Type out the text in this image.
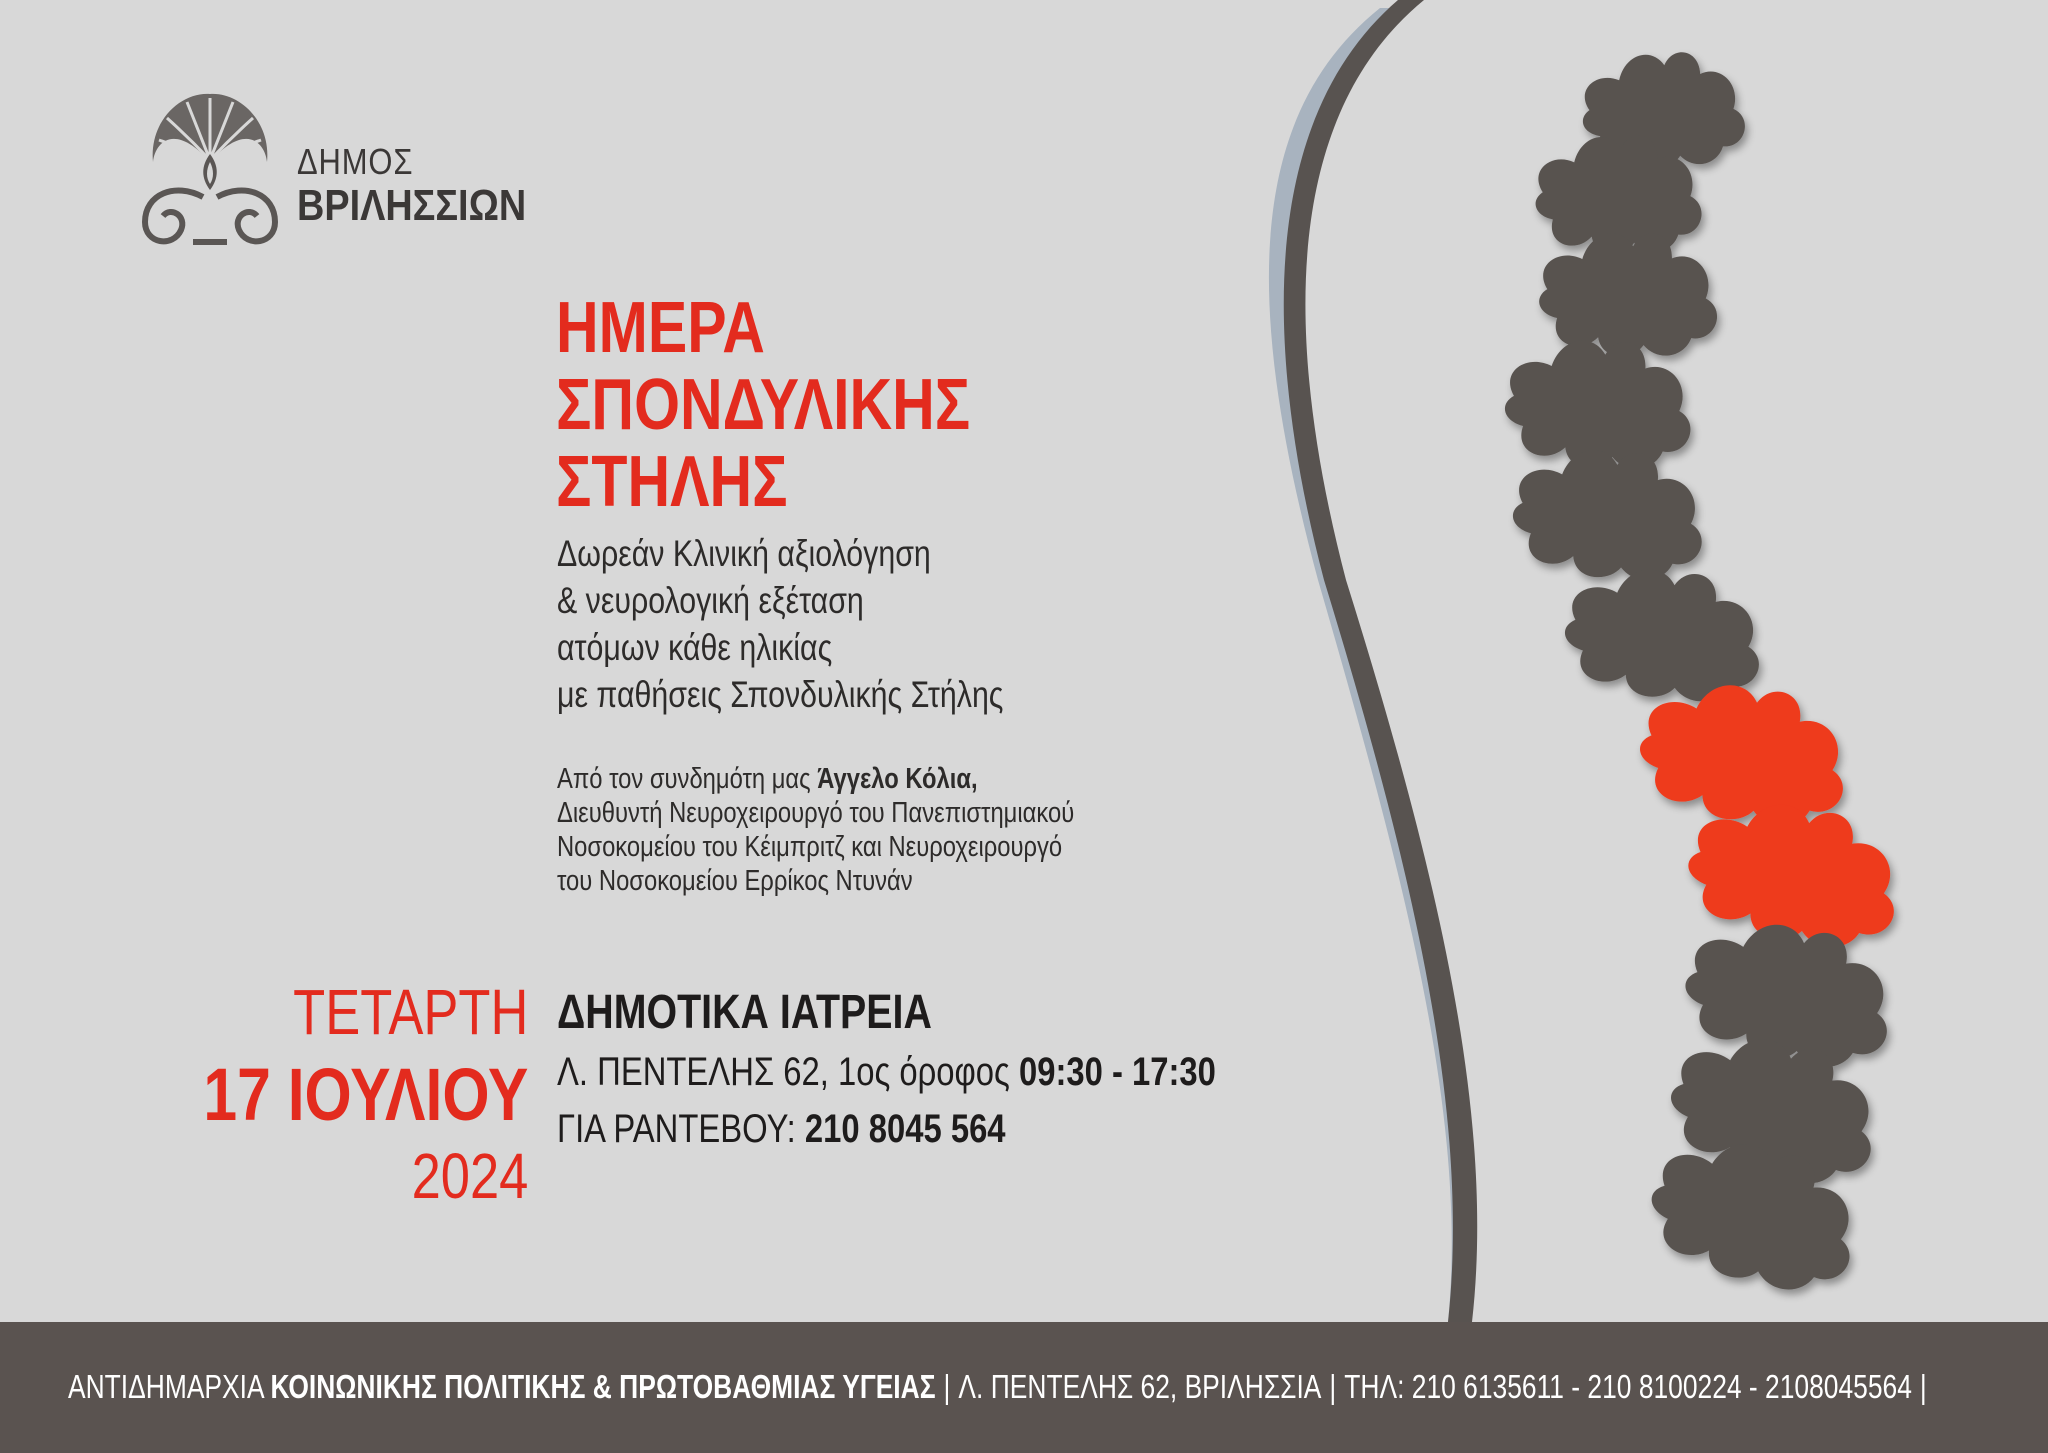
ΔΗΜΟΣ
ΒΡΙΛΗΣΣΙΩΝ
ΗΜΕΡΑ
ΣΠΟΝΔΥΛΙΚΗΣ
ΣΤΗΛΗΣ
Δωρεάν Κλινική αξιολόγηση
& νευρολογική εξέταση
ατόμων κάθε ηλικίας
με παθήσεις Σπονδυλικής Στήλης
Από τον συνδημότη μας Άγγελο Κόλια,
Διευθυντή Νευροχειρουργό του Πανεπιστημιακού
Νοσοκομείου του Κέιμπριτζ και Νευροχειρουργό
του Νοσοκομείου Ερρίκος Ντυνάν
ΤΕΤΑΡΤΗ
17 ΙΟΥΛΙΟΥ
2024
ΔΗΜΟΤΙΚΑ ΙΑΤΡΕΙΑ
Λ. ΠΕΝΤΕΛΗΣ 62, 1ος όροφος 09:30 - 17:30
ΓΙΑ ΡΑΝΤΕΒΟΥ: 210 8045 564
ΑΝΤΙΔΗΜΑΡΧΙΑ ΚΟΙΝΩΝΙΚΗΣ ΠΟΛΙΤΙΚΗΣ & ΠΡΩΤΟΒΑΘΜΙΑΣ ΥΓΕΙΑΣ | Λ. ΠΕΝΤΕΛΗΣ 62, ΒΡΙΛΗΣΣΙΑ | ΤΗΛ: 210 6135611 - 210 8100224 - 2108045564 |
